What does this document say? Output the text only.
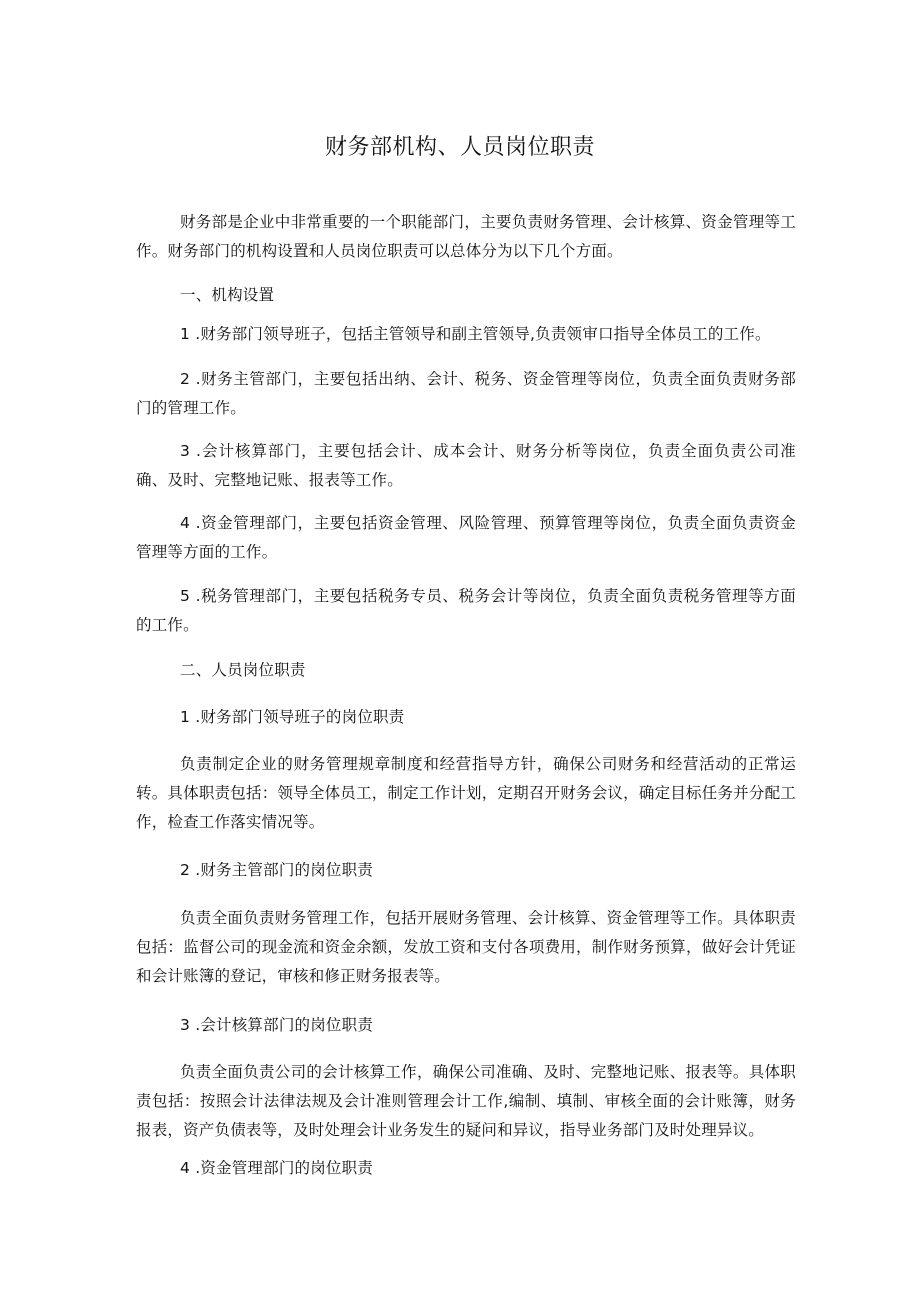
财务部机构、人员岗位职责

财务部是企业中非常重要的一个职能部门，主要负责财务管理、会计核算、资金管理等工作。财务部门的机构设置和人员岗位职责可以总体分为以下几个方面。

一、机构设置

1 .财务部门领导班子，包括主管领导和副主管领导,负责领审口指导全体员工的工作。

2 .财务主管部门，主要包括出纳、会计、税务、资金管理等岗位，负责全面负责财务部门的管理工作。

3 .会计核算部门，主要包括会计、成本会计、财务分析等岗位，负责全面负责公司准确、及时、完整地记账、报表等工作。

4 .资金管理部门，主要包括资金管理、风险管理、预算管理等岗位，负责全面负责资金管理等方面的工作。

5 .税务管理部门，主要包括税务专员、税务会计等岗位，负责全面负责税务管理等方面的工作。

二、人员岗位职责

1 .财务部门领导班子的岗位职责

负责制定企业的财务管理规章制度和经营指导方针，确保公司财务和经营活动的正常运转。具体职责包括：领导全体员工，制定工作计划，定期召开财务会议，确定目标任务并分配工作，检查工作落实情况等。

2 .财务主管部门的岗位职责

负责全面负责财务管理工作，包括开展财务管理、会计核算、资金管理等工作。具体职责包括：监督公司的现金流和资金余额，发放工资和支付各项费用，制作财务预算，做好会计凭证和会计账簿的登记，审核和修正财务报表等。

3 .会计核算部门的岗位职责

负责全面负责公司的会计核算工作，确保公司准确、及时、完整地记账、报表等。具体职责包括：按照会计法律法规及会计准则管理会计工作,编制、填制、审核全面的会计账簿，财务报表，资产负债表等，及时处理会计业务发生的疑问和异议，指导业务部门及时处理异议。

4 .资金管理部门的岗位职责
